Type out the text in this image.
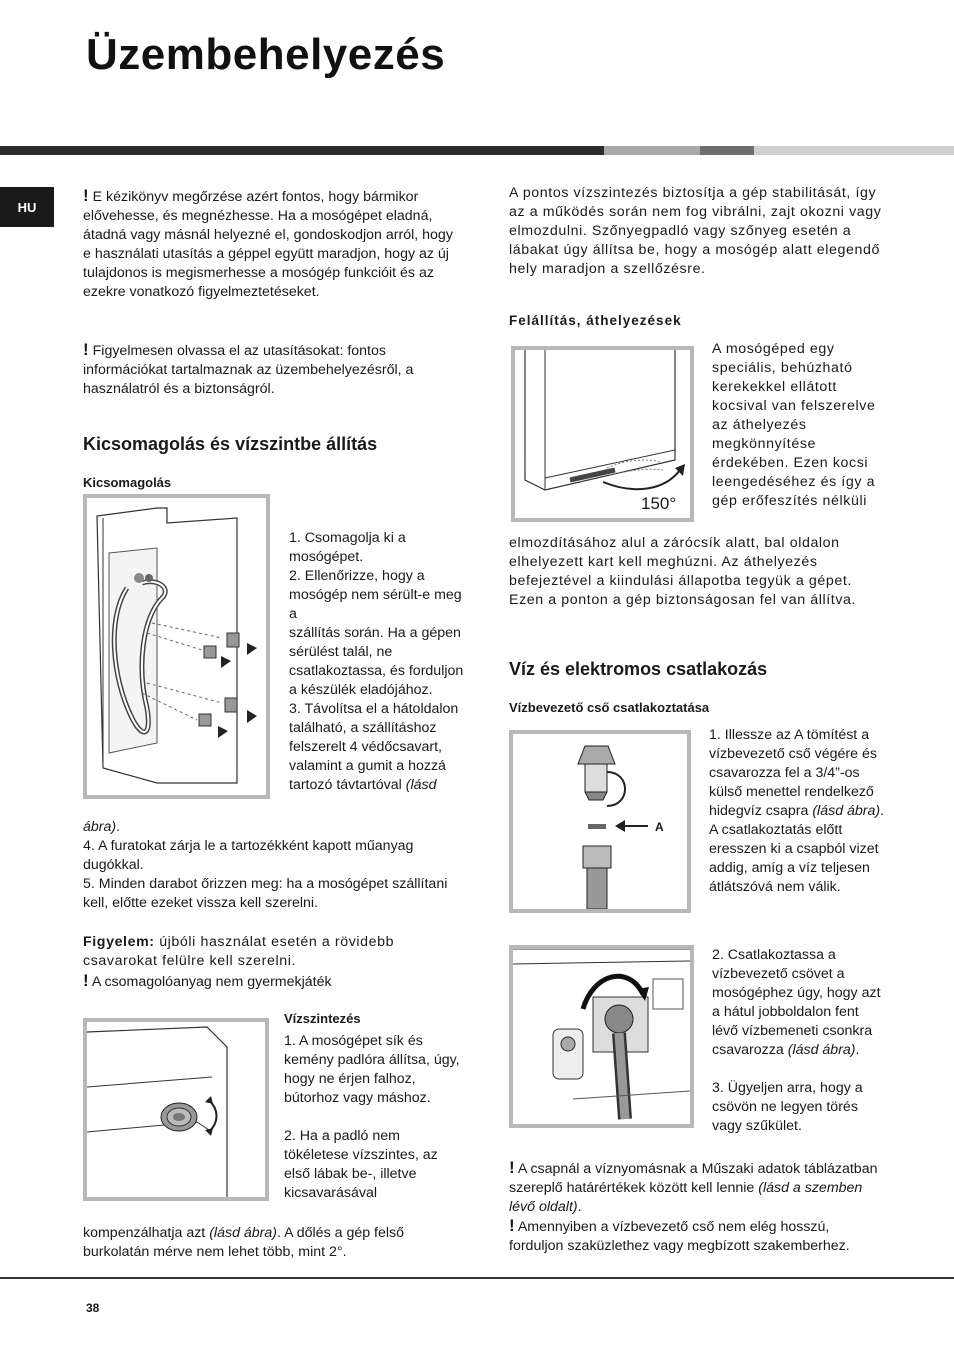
Üzembehelyezés
HU

! E kézikönyv megőrzése azért fontos, hogy bármikor elővehesse, és megnézhesse. Ha a mosógépet eladná, átadná vagy másnál helyezné el, gondoskodjon arról, hogy e használati utasítás a géppel együtt maradjon, hogy az új tulajdonos is megismerhesse a mosógép funkcióit és az ezekre vonatkozó figyelmeztetéseket.

! Figyelmesen olvassa el az utasításokat: fontos információkat tartalmaznak az üzembehelyezésről, a használatról és a biztonságról.

Kicsomagolás és vízszintbe állítás
Kicsomagolás

1. Csomagolja ki a mosógépet.
2. Ellenőrizze, hogy a mosógép nem sérült-e meg a
szállítás során. Ha a gépen sérülést talál, ne csatlakoztassa, és forduljon a készülék eladójához.
3. Távolítsa el a hátoldalon található, a szállításhoz felszerelt 4 védőcsavart, valamint a gumit a hozzá tartozó távtartóval (lásd

ábra).

4. A furatokat zárja le a tartozékként kapott műanyag dugókkal.

5. Minden darabot őrizzen meg: ha a mosógépet szállítani kell, előtte ezeket vissza kell szerelni.

Figyelem: újbóli használat esetén a rövidebb csavarokat felülre kell szerelni.

! A csomagolóanyag nem gyermekjáték

Vízszintezés
1. A mosógépet sík és kemény padlóra állítsa, úgy, hogy ne érjen falhoz, bútorhoz vagy máshoz.

2. Ha a padló nem tökéletese vízszintes, az első lábak be-, illetve kicsavarásával

kompenzálhatja azt (lásd ábra). A dőlés a gép felső burkolatán mérve nem lehet több, mint 2°.

A pontos vízszintezés biztosítja a gép stabilitását, így az a működés során nem fog vibrálni, zajt okozni vagy elmozdulni. Szőnyegpadló vagy szőnyeg esetén a lábakat úgy állítsa be, hogy a mosógép alatt elegendő hely maradjon a szellőzésre.
Felállítás, áthelyezések
150°
A mosógéped egy speciális, behúzható kerekekkel ellátott kocsival van felszerelve az áthelyezés megkönnyítése érdekében. Ezen kocsi leengedéséhez és így a gép erőfeszítés nélküli
elmozdításához alul a zárócsík alatt, bal oldalon elhelyezett kart kell meghúzni. Az áthelyezés befejeztével a kiindulási állapotba tegyük a gépet. Ezen a ponton a gép biztonságosan fel van állítva.
Víz és elektromos csatlakozás
Vízbevezető cső csatlakoztatása
A

1. Illessze az A tömítést a vízbevezető cső végére és csavarozza fel a 3/4”-os külső menettel rendelkező hidegvíz csapra (lásd ábra).

A csatlakoztatás előtt eresszen ki a csapból vizet addig, amíg a víz teljesen átlátszóvá nem válik.

2. Csatlakoztassa a vízbevezető csövet a mosógéphez úgy, hogy azt a hátul jobboldalon fent lévő vízbemeneti csonkra csavarozza (lásd ábra).

3. Ügyeljen arra, hogy a csövön ne legyen törés vagy szűkület.

! A csapnál a víznyomásnak a Műszaki adatok táblázatban szereplő határértékek között kell lennie (lásd a szemben lévő oldalt).

! Amennyiben a vízbevezető cső nem elég hosszú, forduljon szaküzlethez vagy megbízott szakemberhez.

38
